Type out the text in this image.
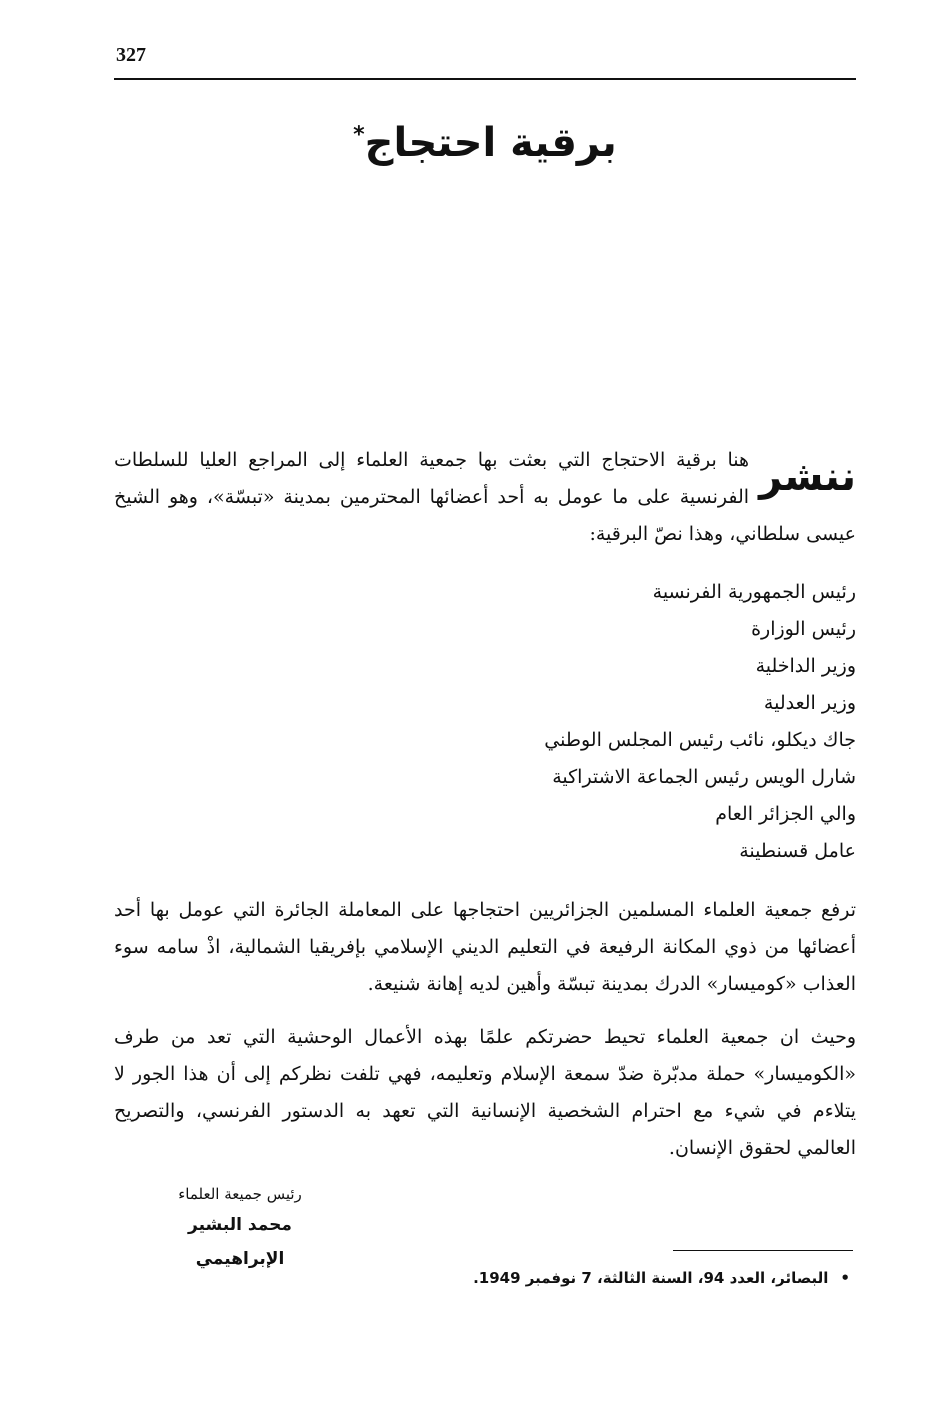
327
برقية احتجاج*
ننشر
هنا برقية الاحتجاج التي بعثت بها جمعية العلماء إلى المراجع العليا للسلطات الفرنسية على ما عومل به أحد أعضائها المحترمين بمدينة «تبسّة»، وهو الشيخ عيسى سلطاني، وهذا نصّ البرقية:
رئيس الجمهورية الفرنسية
رئيس الوزارة
وزير الداخلية
وزير العدلية
جاك ديكلو، نائب رئيس المجلس الوطني
شارل الويس رئيس الجماعة الاشتراكية
والي الجزائر العام
عامل قسنطينة

ترفع جمعية العلماء المسلمين الجزائريين احتجاجها على المعاملة الجائرة التي عومل بها أحد أعضائها من ذوي المكانة الرفيعة في التعليم الديني الإسلامي بإفريقيا الشمالية، اذْ سامه سوء العذاب «كوميسار» الدرك بمدينة تبسّة وأهين لديه إهانة شنيعة.

وحيث ان جمعية العلماء تحيط حضرتكم علمًا بهذه الأعمال الوحشية التي تعد من طرف «الكوميسار» حملة مدبّرة ضدّ سمعة الإسلام وتعليمه، فهي تلفت نظركم إلى أن هذا الجور لا يتلاءم في شيء مع احترام الشخصية الإنسانية التي تعهد به الدستور الفرنسي، والتصريح العالمي لحقوق الإنسان.

رئيس جميعة العلماء
محمد البشير الإبراهيمي
•البصائر، العدد 94، السنة الثالثة، 7 نوفمبر 1949.
